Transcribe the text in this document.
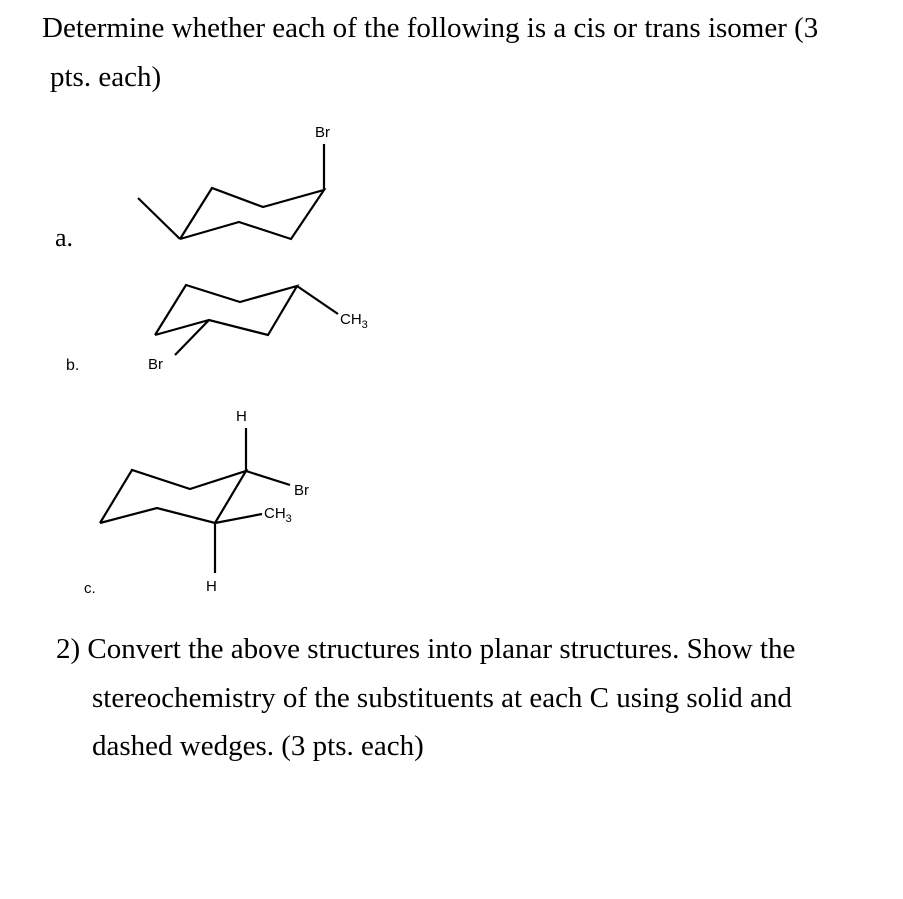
Determine whether each of the following is a cis or trans isomer (3
pts. each)
a.
b.
c.
Br
Br
$CH_3$
H
H
Br
$CH_3$
2) Convert the above structures into planar structures. Show the
stereochemistry of the substituents at each C using solid and
dashed wedges. (3 pts. each)
